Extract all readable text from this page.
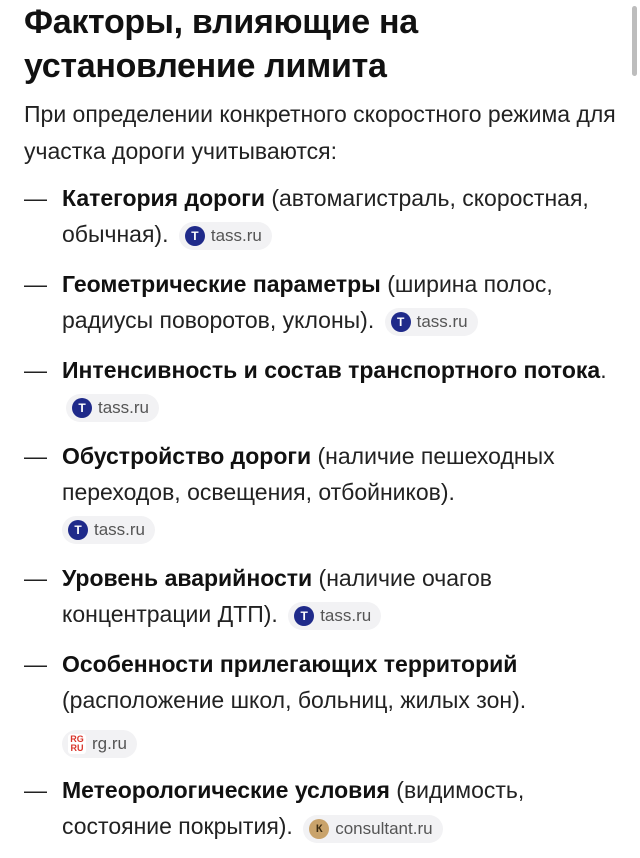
Факторы, влияющие на установление лимита

При определении конкретного скоростного режима для участка дороги учитываются:

— Категория дороги (автомагистраль, скоростная, обычная).	Т tass.ru
— Геометрические параметры (ширина полос, радиусы поворотов, уклоны).	Т tass.ru
— Интенсивность и состав транспортного потока.
Т tass.ru
— Обустройство дороги (наличие пешеходных переходов, освещения, отбойников).

Т tass.ru
— Уровень аварийности (наличие очагов концентрации ДТП).	Т tass.ru
— Особенности прилегающих территорий (расположение школ, больниц, жилых зон).

RG
RU rg.ru
— Метеорологические условия (видимость, состояние покрытия).	К consultant.ru
